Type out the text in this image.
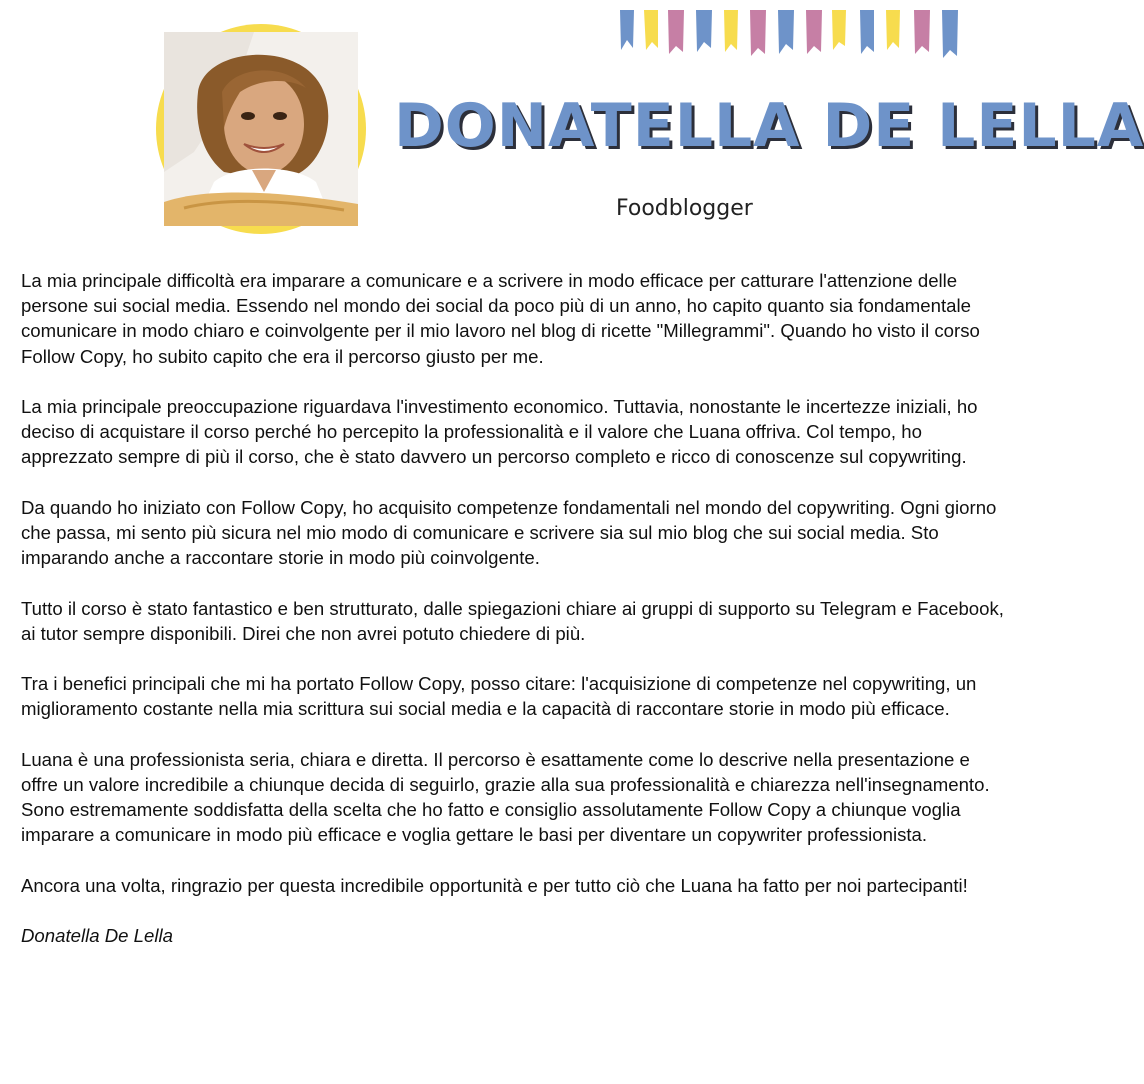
DONATELLA DE LELLA
Foodblogger

La mia principale difficoltà era imparare a comunicare e a scrivere in modo efficace per catturare l'attenzione delle persone sui social media. Essendo nel mondo dei social da poco più di un anno, ho capito quanto sia fondamentale comunicare in modo chiaro e coinvolgente per il mio lavoro nel blog di ricette "Millegrammi". Quando ho visto il corso Follow Copy, ho subito capito che era il percorso giusto per me.

La mia principale preoccupazione riguardava l'investimento economico. Tuttavia, nonostante le incertezze iniziali, ho deciso di acquistare il corso perché ho percepito la professionalità e il valore che Luana offriva. Col tempo, ho apprezzato sempre di più il corso, che è stato davvero un percorso completo e ricco di conoscenze sul copywriting.

Da quando ho iniziato con Follow Copy, ho acquisito competenze fondamentali nel mondo del copywriting. Ogni giorno che passa, mi sento più sicura nel mio modo di comunicare e scrivere sia sul mio blog che sui social media. Sto imparando anche a raccontare storie in modo più coinvolgente.

Tutto il corso è stato fantastico e ben strutturato, dalle spiegazioni chiare ai gruppi di supporto su Telegram e Facebook, ai tutor sempre disponibili. Direi che non avrei potuto chiedere di più.

Tra i benefici principali che mi ha portato Follow Copy, posso citare: l'acquisizione di competenze nel copywriting, un miglioramento costante nella mia scrittura sui social media e la capacità di raccontare storie in modo più efficace.

Luana è una professionista seria, chiara e diretta. Il percorso è esattamente come lo descrive nella presentazione e offre un valore incredibile a chiunque decida di seguirlo, grazie alla sua professionalità e chiarezza nell'insegnamento.

Sono estremamente soddisfatta della scelta che ho fatto e consiglio assolutamente Follow Copy a chiunque voglia imparare a comunicare in modo più efficace e voglia gettare le basi per diventare un copywriter professionista.

Ancora una volta, ringrazio per questa incredibile opportunità e per tutto ciò che Luana ha fatto per noi partecipanti!

Donatella De Lella
